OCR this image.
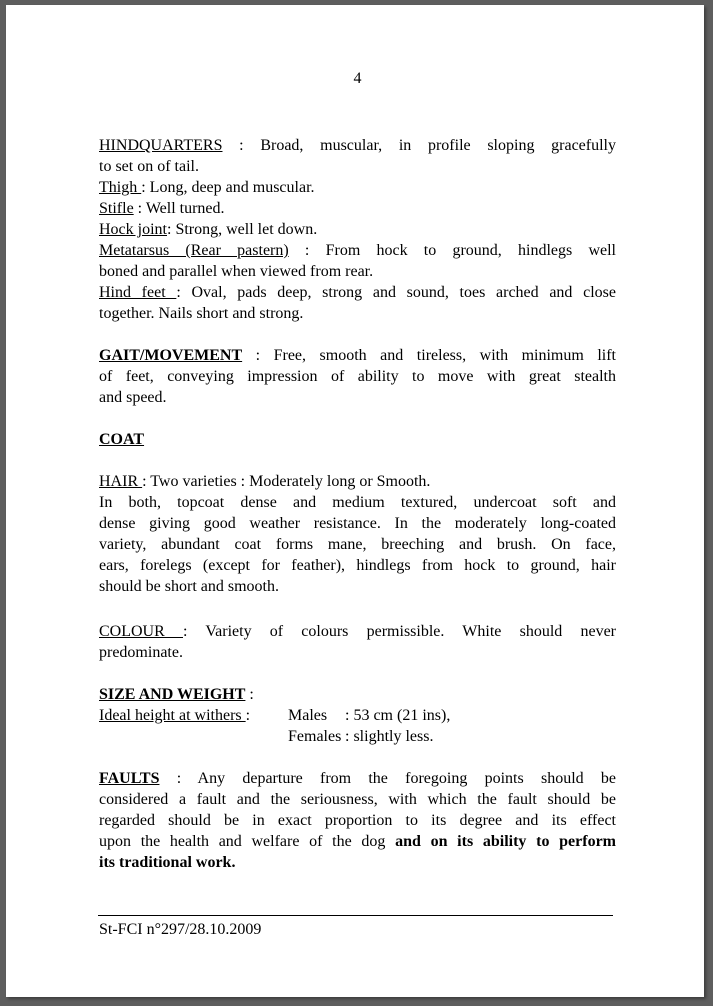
4
HINDQUARTERS : Broad, muscular, in profile sloping gracefully
to set on of tail.
Thigh : Long, deep and muscular.
Stifle : Well turned.
Hock joint: Strong, well let down.
Metatarsus (Rear pastern) : From hock to ground, hindlegs well
boned and parallel when viewed from rear.
Hind feet : Oval, pads deep, strong and sound, toes arched and close
together. Nails short and strong.
GAIT/MOVEMENT : Free, smooth and tireless, with minimum lift
of feet, conveying impression of ability to move with great stealth
and speed.
COAT
HAIR : Two varieties : Moderately long or Smooth.
In both, topcoat dense and medium textured, undercoat soft and
dense giving good weather resistance. In the moderately long-coated
variety, abundant coat forms mane, breeching and brush. On face,
ears, forelegs (except for feather), hindlegs from hock to ground, hair
should be short and smooth.
COLOUR : Variety of colours permissible. White should never
predominate.
SIZE AND WEIGHT :
Ideal height at withers : Males : 53 cm (21 ins),
Females : slightly less.
FAULTS : Any departure from the foregoing points should be
considered a fault and the seriousness, with which the fault should be
regarded should be in exact proportion to its degree and its effect
upon the health and welfare of the dog and on its ability to perform
its traditional work.
St-FCI n°297/28.10.2009
